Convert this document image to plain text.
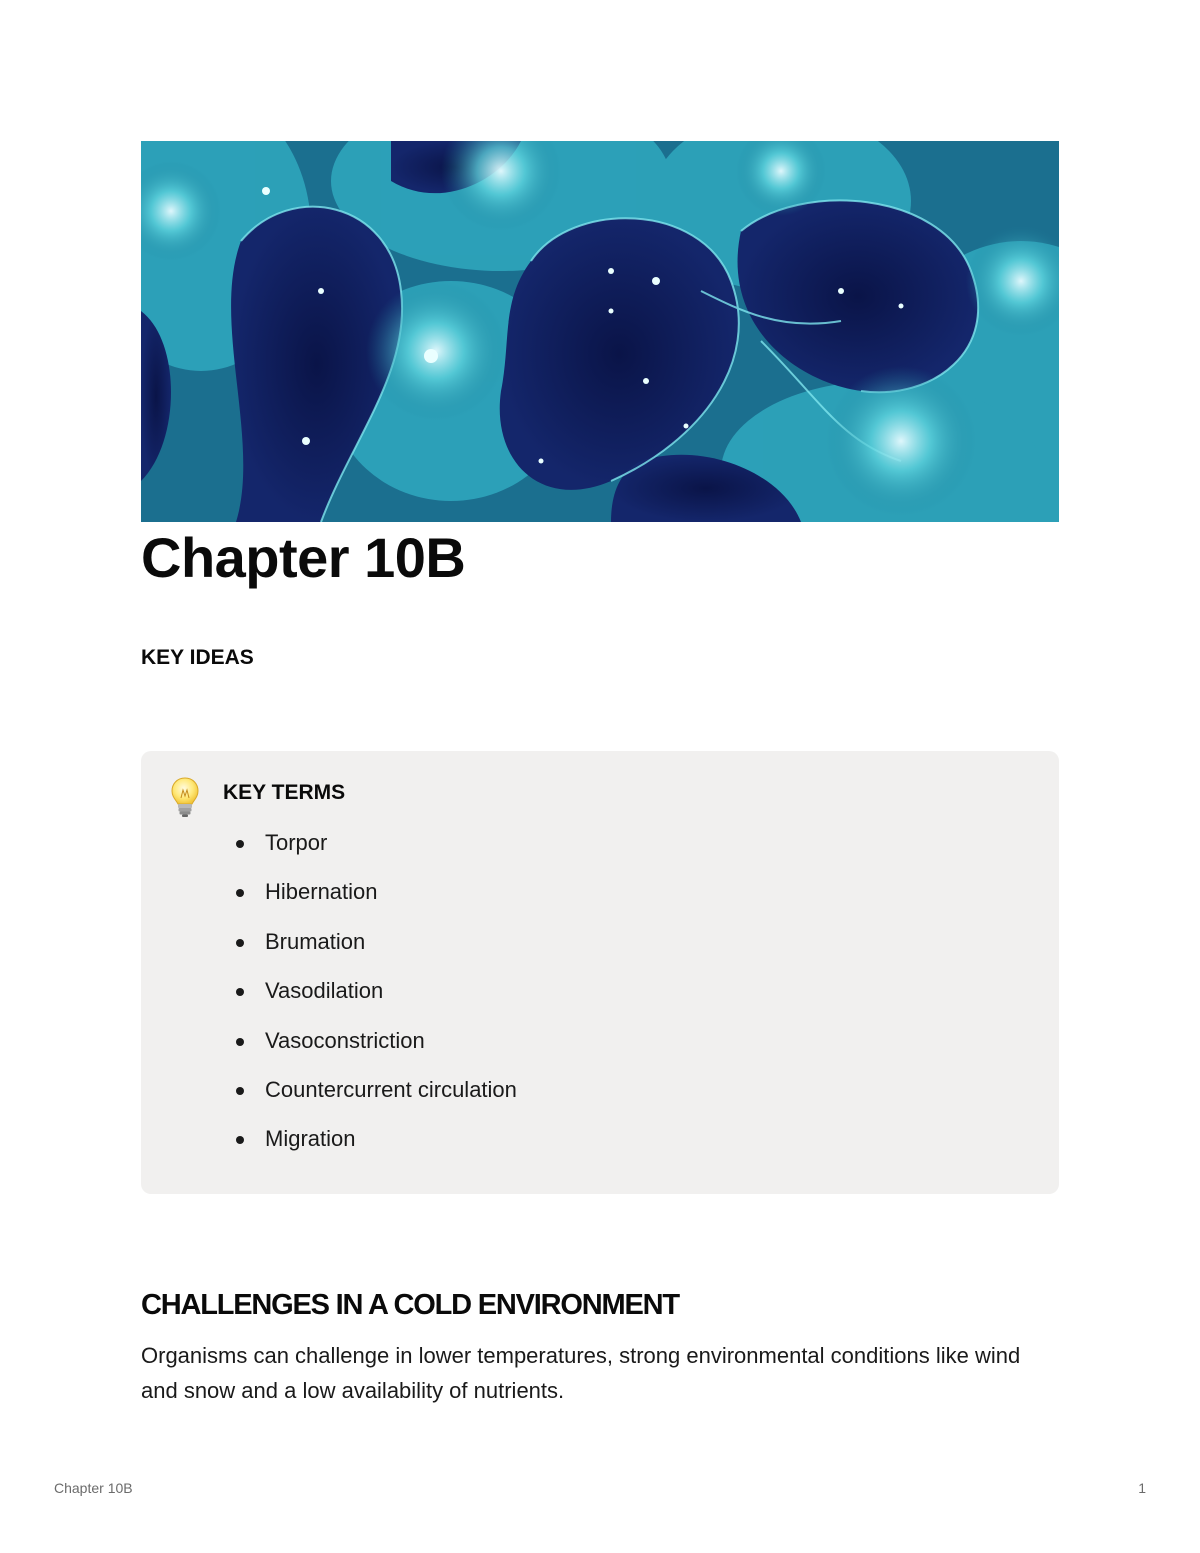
Chapter 10B
KEY IDEAS
KEY TERMS
Torpor
Hibernation
Brumation
Vasodilation
Vasoconstriction
Countercurrent circulation
Migration
CHALLENGES IN A COLD ENVIRONMENT

Organisms can challenge in lower temperatures, strong environmental conditions like wind and snow and a low availability of nutrients.

Chapter 10B	1
